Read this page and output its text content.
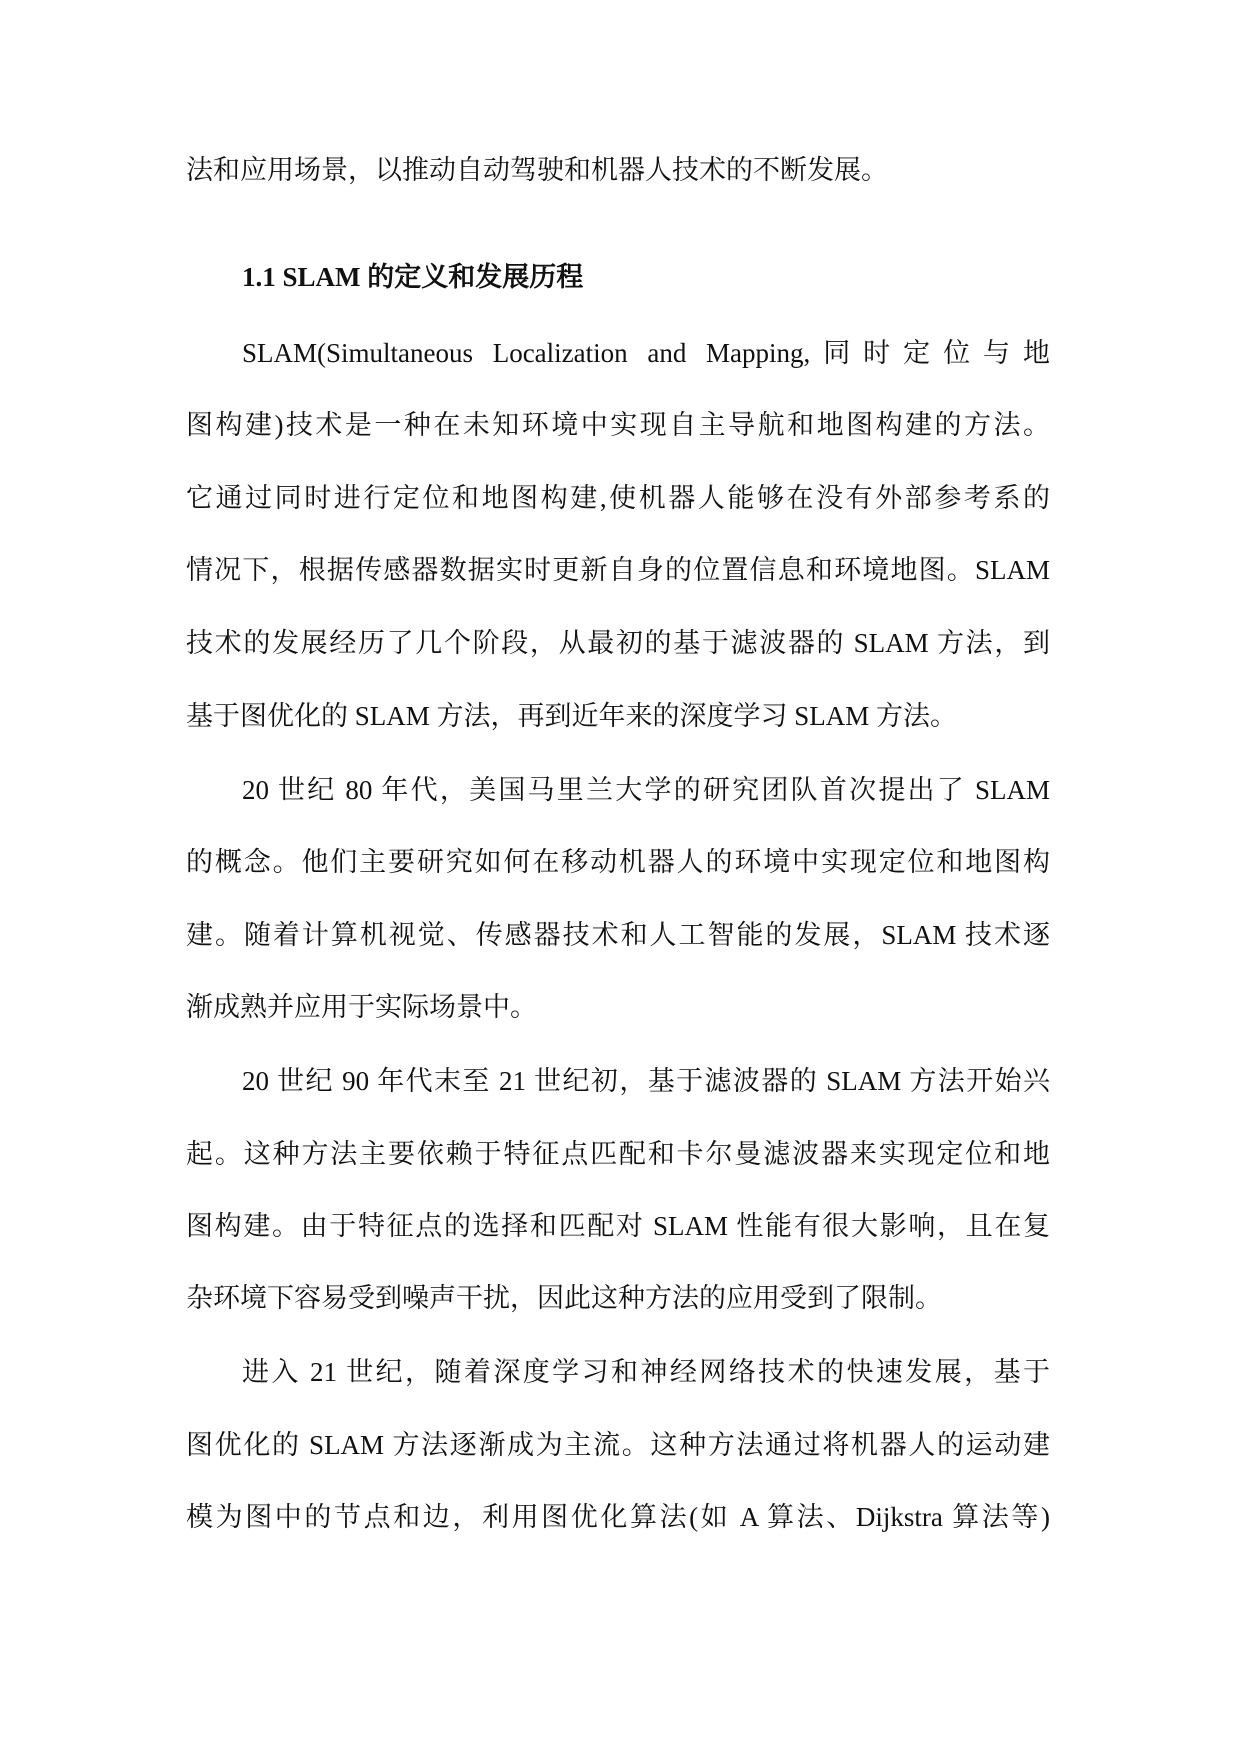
法和应用场景，以推动自动驾驶和机器人技术的不断发展。
1.1 SLAM 的定义和发展历程
SLAM(Simultaneous Localization and Mapping,同时定位与地
图构建)技术是一种在未知环境中实现自主导航和地图构建的方法。
它通过同时进行定位和地图构建,使机器人能够在没有外部参考系的
情况下，根据传感器数据实时更新自身的位置信息和环境地图。SLAM
技术的发展经历了几个阶段，从最初的基于滤波器的 SLAM 方法，到
基于图优化的 SLAM 方法，再到近年来的深度学习 SLAM 方法。
20 世纪 80 年代，美国马里兰大学的研究团队首次提出了 SLAM
的概念。他们主要研究如何在移动机器人的环境中实现定位和地图构
建。随着计算机视觉、传感器技术和人工智能的发展，SLAM 技术逐
渐成熟并应用于实际场景中。
20 世纪 90 年代末至 21 世纪初，基于滤波器的 SLAM 方法开始兴
起。这种方法主要依赖于特征点匹配和卡尔曼滤波器来实现定位和地
图构建。由于特征点的选择和匹配对 SLAM 性能有很大影响，且在复
杂环境下容易受到噪声干扰，因此这种方法的应用受到了限制。
进入 21 世纪，随着深度学习和神经网络技术的快速发展，基于
图优化的 SLAM 方法逐渐成为主流。这种方法通过将机器人的运动建
模为图中的节点和边，利用图优化算法(如 A 算法、Dijkstra 算法等)
